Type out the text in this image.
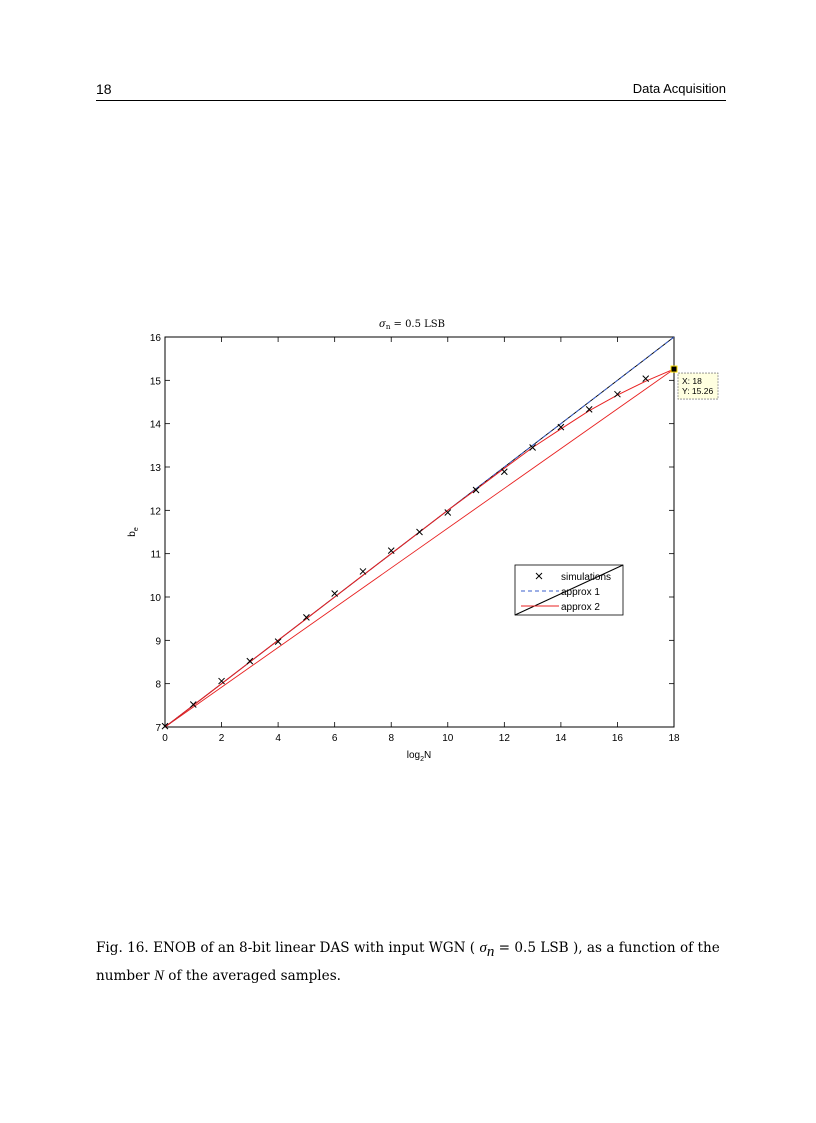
18	Data Acquisition
$\sigma_n = 0.5$ LSB
0	2	4	6	8	10	12	14	16	18
7
8
9
10
11
12
13
14
15
16
$\log_2N$
$b_e$
simulations
approx 1
approx 2
X: 18
Y: 15.26
Fig. 16. ENOB of an 8-bit linear DAS with input WGN ( $\sigma_n = 0.5$ LSB ), as a function of the
number N of the averaged samples.
